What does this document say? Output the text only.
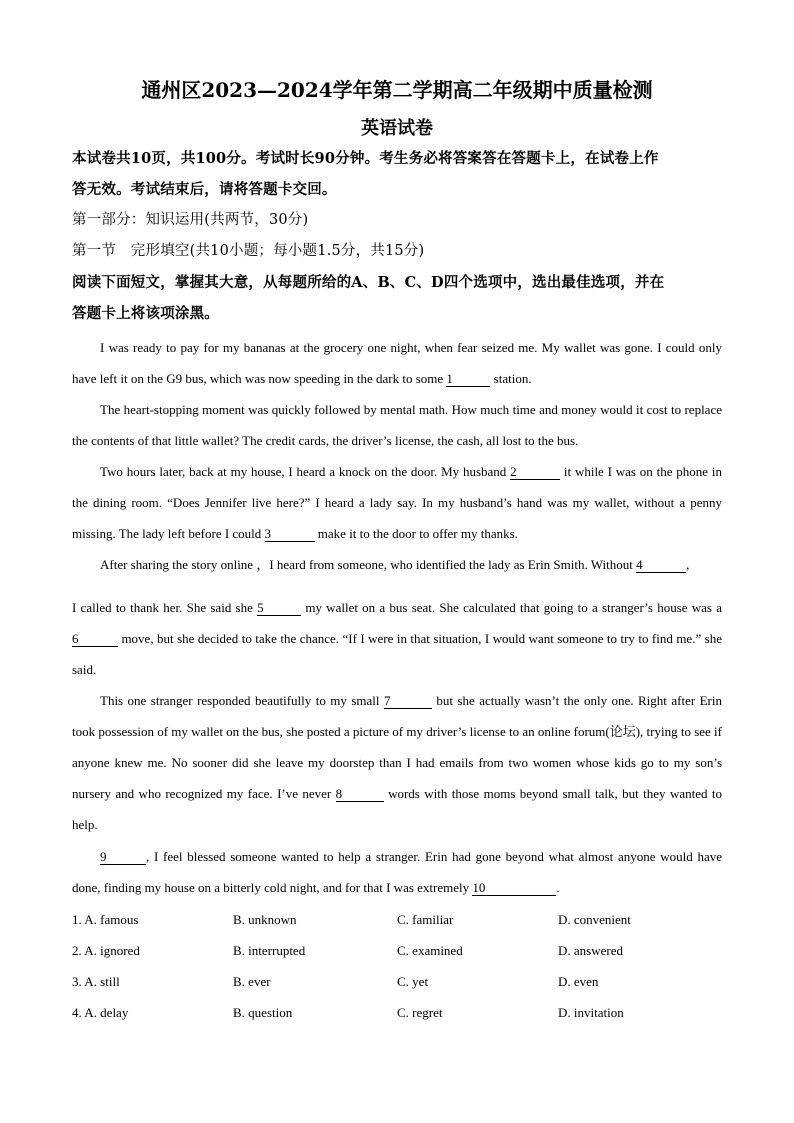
通州区2023—2024学年第二学期高二年级期中质量检测
英语试卷
本试卷共10页，共100分。考试时长90分钟。考生务必将答案答在答题卡上，在试卷上作
答无效。考试结束后，请将答题卡交回。
第一部分：知识运用(共两节，30分)
第一节　完形填空(共10小题；每小题1.5分，共15分)
阅读下面短文，掌握其大意，从每题所给的A、B、C、D四个选项中，选出最佳选项，并在
答题卡上将该项涂黑。
I was ready to pay for my bananas at the grocery one night, when fear seized me. My wallet was gone. I could only have left it on the G9 bus, which was now speeding in the dark to some 1	station.
The heart-stopping moment was quickly followed by mental math. How much time and money would it cost to replace the contents of that little wallet? The credit cards, the driver’s license, the cash, all lost to the bus.
Two hours later, back at my house, I heard a knock on the door. My husband 2	it while I was on the phone in the dining room. “Does Jennifer live here?” I heard a lady say. In my husband’s hand was my wallet, without a penny missing. The lady left before I could 3	make it to the door to offer my thanks.
After sharing the story online ，I heard from someone, who identified the lady as Erin Smith. Without 4	,
I called to thank her. She said she 5	my wallet on a bus seat. She calculated that going to a stranger’s house was a 6	move, but she decided to take the chance. “If I were in that situation, I would want someone to try to find me.” she said.
This one stranger responded beautifully to my small 7	but she actually wasn’t the only one. Right after Erin took possession of my wallet on the bus, she posted a picture of my driver’s license to an online forum(论坛), trying to see if anyone knew me. No sooner did she leave my doorstep than I had emails from two women whose kids go to my son’s nursery and who recognized my face. I’ve never 8	words with those moms beyond small talk, but they wanted to help.
9	, I feel blessed someone wanted to help a stranger. Erin had gone beyond what almost anyone would have done, finding my house on a bitterly cold night, and for that I was extremely 10	.
1. A. famous	B. unknown	C. familiar	D. convenient
2. A. ignored	B. interrupted	C. examined	D. answered
3. A. still	B. ever	C. yet	D. even
4. A. delay	B. question	C. regret	D. invitation
